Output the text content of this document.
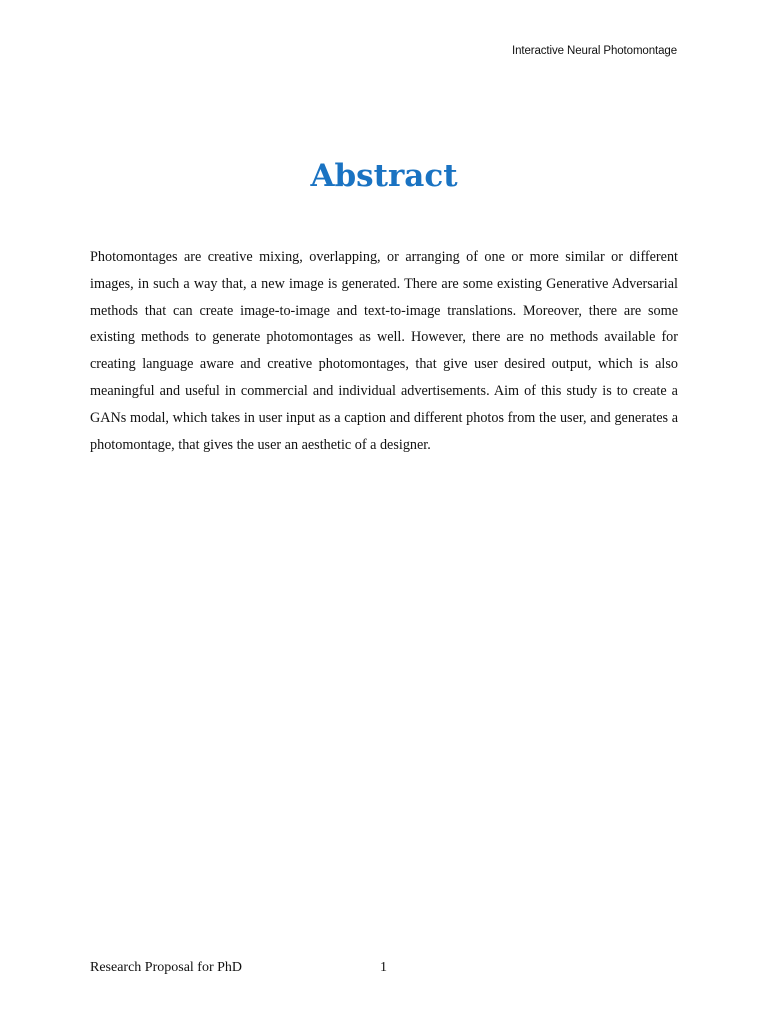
Interactive Neural Photomontage
Abstract

Photomontages are creative mixing, overlapping, or arranging of one or more similar or different images, in such a way that, a new image is generated. There are some existing Generative Adversarial methods that can create image-to-image and text-to-image translations. Moreover, there are some existing methods to generate photomontages as well. However, there are no methods available for creating language aware and creative photomontages, that give user desired output, which is also meaningful and useful in commercial and individual advertisements. Aim of this study is to create a GANs modal, which takes in user input as a caption and different photos from the user, and generates a photomontage, that gives the user an aesthetic of a designer.

Research Proposal for PhD	1
